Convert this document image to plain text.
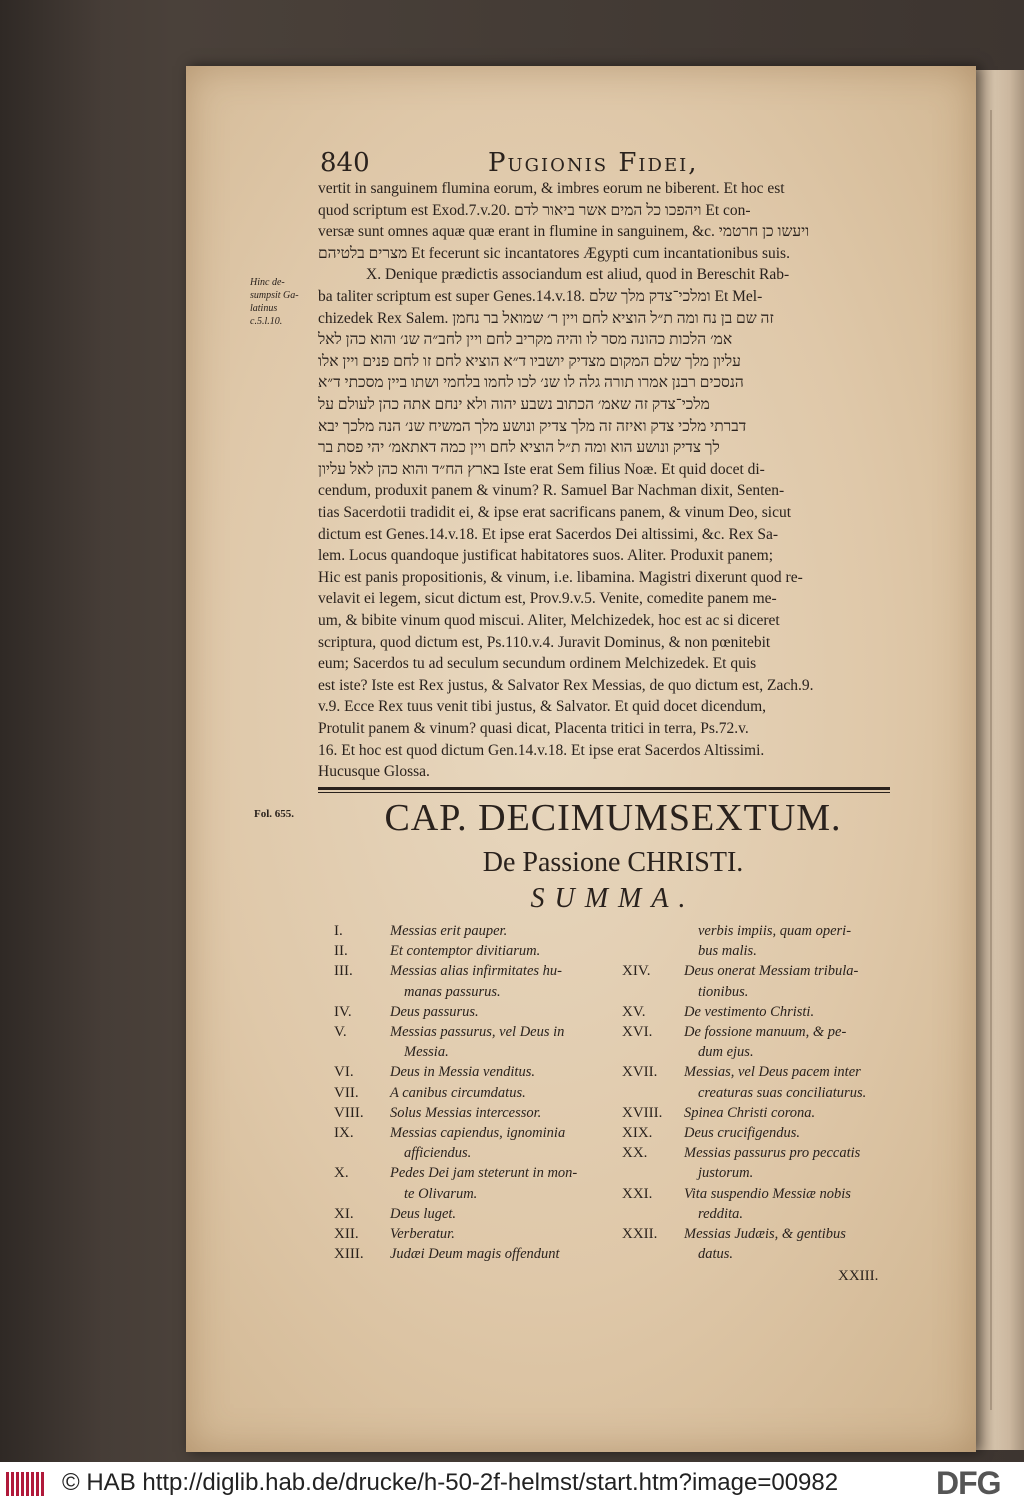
840	Pugionis Fidei,
vertit in sanguinem flumina eorum, & imbres eorum ne biberent. Et hoc est
quod scriptum est Exod.7.v.20. ויהפכו כל המים אשר ביאור לדם Et con-
versæ sunt omnes aquæ quæ erant in flumine in sanguinem, &c. ויעשו כן חרטמי
מצרים בלטיהם Et fecerunt sic incantatores Ægypti cum incantationibus suis.
X. Denique prædictis associandum est aliud, quod in Bereschit Rab-
ba taliter scriptum est super Genes.14.v.18. ומלכי־צדק מלך שלם Et Mel-
chizedek Rex Salem. זה שם בן נח ומה ת״ל הוציא לחם ויין ר׳ שמואל בר נחמן
אמ׳ הלכות כהונה מסר לו והיה מקריב לחם ויין לחב״ה שנ׳ והוא כהן לאל
עליון מלך שלם המקום מצדיק יושביו ד״א הוציא לחם זו לחם פנים ויין אלו
הנסכים רבנן אמרו תורה גלה לו שנ׳ לכו לחמו בלחמי ושתו ביין מסכתי ד״א
מלכי־צדק זה שאמ׳ הכתוב נשבע יהוה ולא ינחם אתה כהן לעולם על
דברתי מלכי צדק ואיזה זה מלך צדיק ונושע מלך המשיח שנ׳ הנה מלכך יבא
לך צדיק ונושע הוא ומה ת״ל הוציא לחם ויין כמה דאתאמ׳ יהי פסת בר
בארץ הח״ד והוא כהן לאל עליון Iste erat Sem filius Noæ. Et quid docet di-
cendum, produxit panem & vinum? R. Samuel Bar Nachman dixit, Senten-
tias Sacerdotii tradidit ei, & ipse erat sacrificans panem, & vinum Deo, sicut
dictum est Genes.14.v.18. Et ipse erat Sacerdos Dei altissimi, &c. Rex Sa-
lem. Locus quandoque justificat habitatores suos. Aliter. Produxit panem;
Hic est panis propositionis, & vinum, i.e. libamina. Magistri dixerunt quod re-
velavit ei legem, sicut dictum est, Prov.9.v.5. Venite, comedite panem me-
um, & bibite vinum quod miscui. Aliter, Melchizedek, hoc est ac si diceret
scriptura, quod dictum est, Ps.110.v.4. Juravit Dominus, & non pœnitebit
eum; Sacerdos tu ad seculum secundum ordinem Melchizedek. Et quis
est iste? Iste est Rex justus, & Salvator Rex Messias, de quo dictum est, Zach.9.
v.9. Ecce Rex tuus venit tibi justus, & Salvator. Et quid docet dicendum,
Protulit panem & vinum? quasi dicat, Placenta tritici in terra, Ps.72.v.
16. Et hoc est quod dictum Gen.14.v.18. Et ipse erat Sacerdos Altissimi.
Hucusque Glossa.
Hinc de-
sumpsit Ga-
latinus
c.5.l.10.
Fol. 655.	CAP. DECIMUMSEXTUM.
De Passione CHRISTI.
SUMMA.
I.	Messias erit pauper.
II.	Et contemptor divitiarum.
III.	Messias alias infirmitates hu-
manas passurus.
IV.	Deus passurus.
V.	Messias passurus, vel Deus in
Messia.
VI.	Deus in Messia venditus.
VII. A canibus circumdatus.
VIII. Solus Messias intercessor.
IX.	Messias capiendus, ignominia
afficiendus.
X.	Pedes Dei jam steterunt in mon-
te Olivarum.
XI.	Deus luget.
XII. Verberatur.
XIII. Judæi Deum magis offendunt
verbis impiis, quam operi-
bus malis.
XIV. Deus onerat Messiam tribula-
tionibus.
XV.	De vestimento Christi.
XVI. De fossione manuum, & pe-
dum ejus.
XVII. Messias, vel Deus pacem inter
creaturas suas conciliaturus.
XVIII. Spinea Christi corona.
XIX. Deus crucifigendus.
XX.	Messias passurus pro peccatis
justorum.
XXI. Vita suspendio Messiæ nobis
reddita.
XXII. Messias Judæis, & gentibus
datus.
XXIII.
© HAB http://diglib.hab.de/drucke/h-50-2f-helmst/start.htm?image=00982	DFG
